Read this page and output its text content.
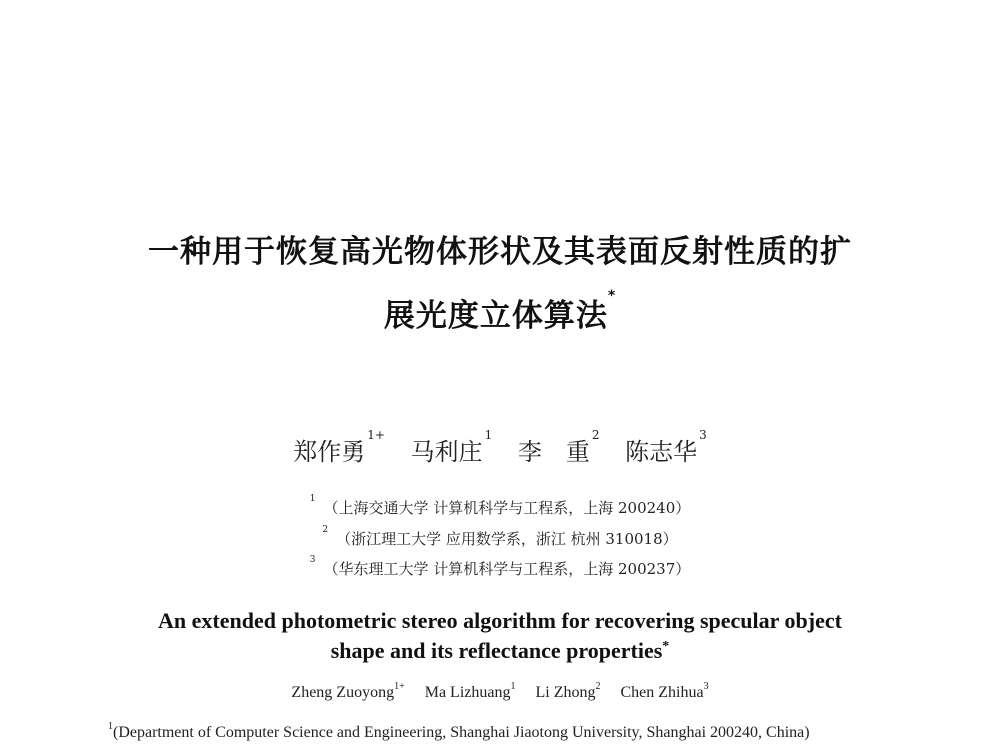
一种用于恢复高光物体形状及其表面反射性质的扩
展光度立体算法*
郑作勇$^{1+}$ 马利庄$^1$ 李　重$^2$ 陈志华$^3$
$^1$ （上海交通大学 计算机科学与工程系，上海 200240）
$^2$ （浙江理工大学 应用数学系，浙江 杭州 310018）
$^3$ （华东理工大学 计算机科学与工程系，上海 200237）
An extended photometric stereo algorithm for recovering specular object
shape and its reflectance properties*
Zheng Zuoyong$^{1+}$ Ma Lizhuang$^1$ Li Zhong$^2$ Chen Zhihua$^3$
$^1$(Department of Computer Science and Engineering, Shanghai Jiaotong University, Shanghai 200240, China)
